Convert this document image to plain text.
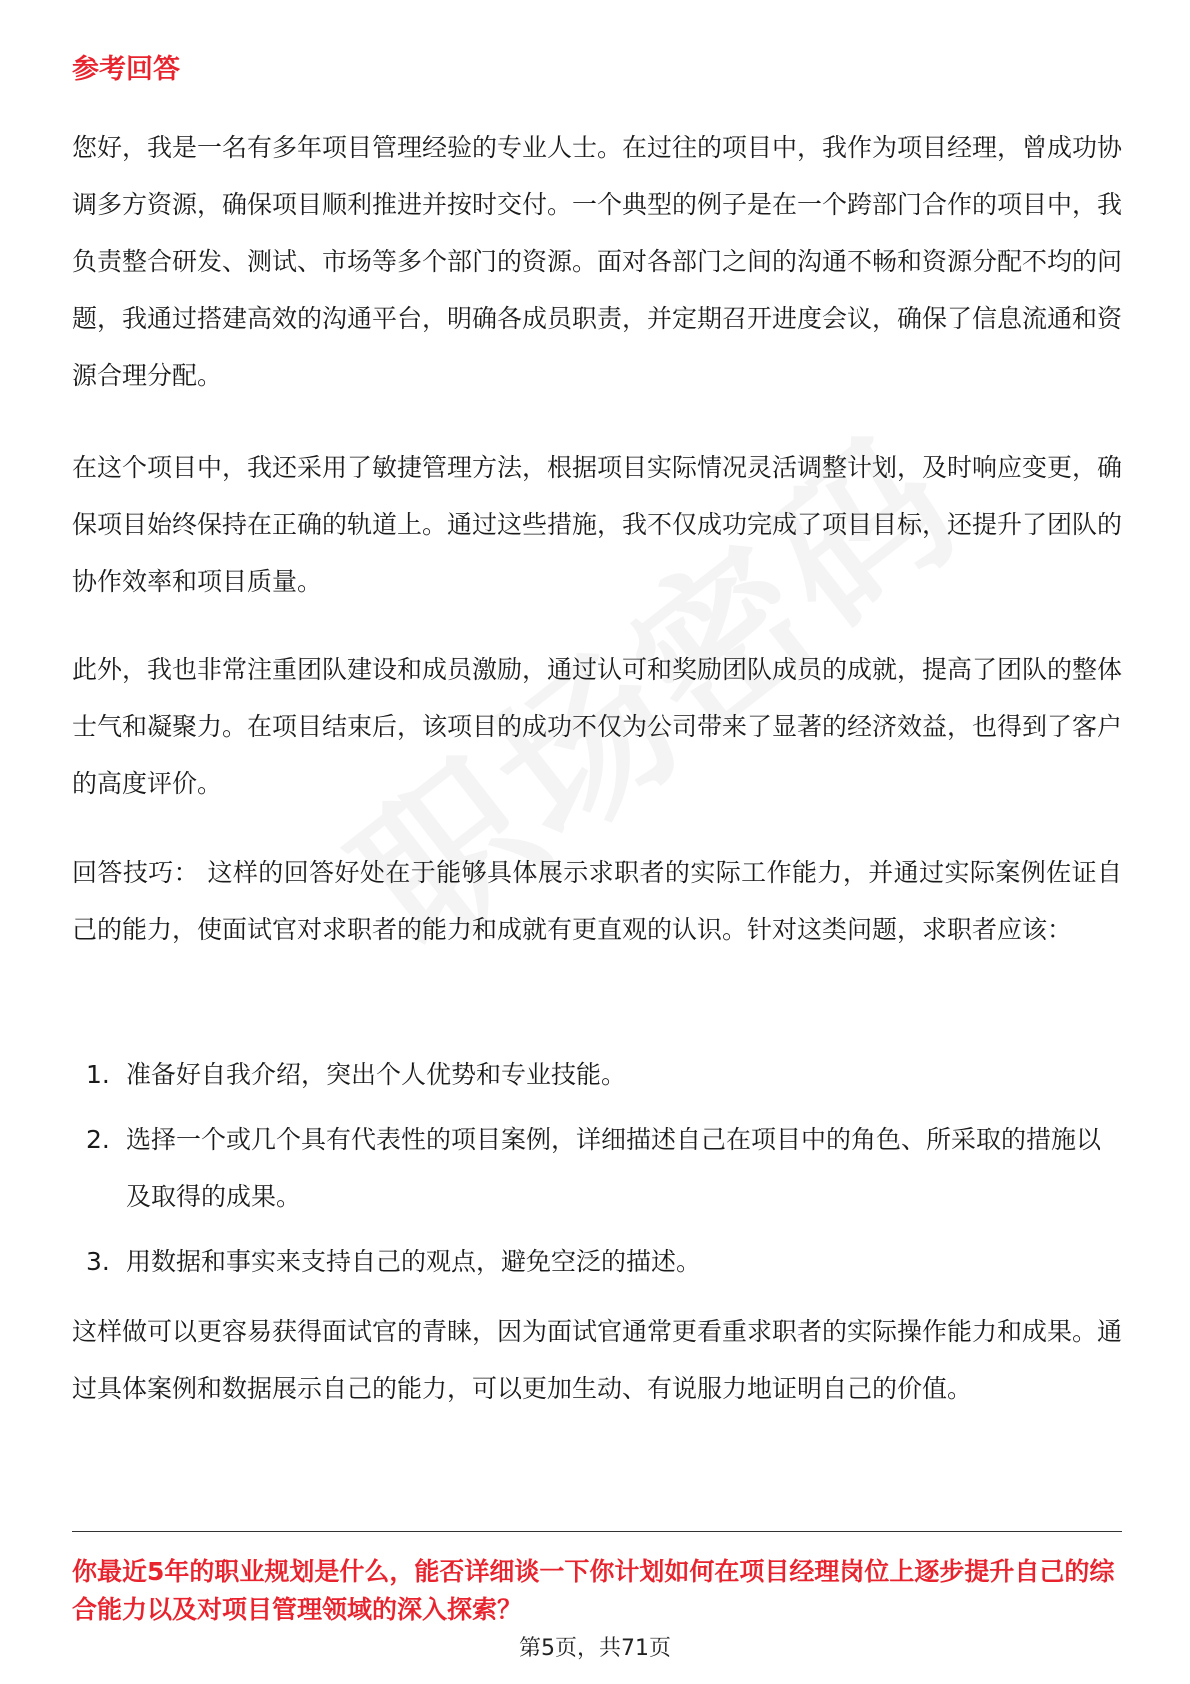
参考回答

您好，我是一名有多年项目管理经验的专业人士。在过往的项目中，我作为项目经理，曾成功协调多方资源，确保项目顺利推进并按时交付。一个典型的例子是在一个跨部门合作的项目中，我负责整合研发、测试、市场等多个部门的资源。面对各部门之间的沟通不畅和资源分配不均的问题，我通过搭建高效的沟通平台，明确各成员职责，并定期召开进度会议，确保了信息流通和资源合理分配。

在这个项目中，我还采用了敏捷管理方法，根据项目实际情况灵活调整计划，及时响应变更，确保项目始终保持在正确的轨道上。通过这些措施，我不仅成功完成了项目目标，还提升了团队的协作效率和项目质量。

此外，我也非常注重团队建设和成员激励，通过认可和奖励团队成员的成就，提高了团队的整体士气和凝聚力。在项目结束后，该项目的成功不仅为公司带来了显著的经济效益，也得到了客户的高度评价。

回答技巧： 这样的回答好处在于能够具体展示求职者的实际工作能力，并通过实际案例佐证自己的能力，使面试官对求职者的能力和成就有更直观的认识。针对这类问题，求职者应该：

1. 准备好自我介绍，突出个人优势和专业技能。
2. 选择一个或几个具有代表性的项目案例，详细描述自己在项目中的角色、所采取的措施以及取得的成果。
3. 用数据和事实来支持自己的观点，避免空泛的描述。

这样做可以更容易获得面试官的青睐，因为面试官通常更看重求职者的实际操作能力和成果。通过具体案例和数据展示自己的能力，可以更加生动、有说服力地证明自己的价值。

你最近5年的职业规划是什么，能否详细谈一下你计划如何在项目经理岗位上逐步提升自己的综合能力以及对项目管理领域的深入探索？
第5页，共71页
